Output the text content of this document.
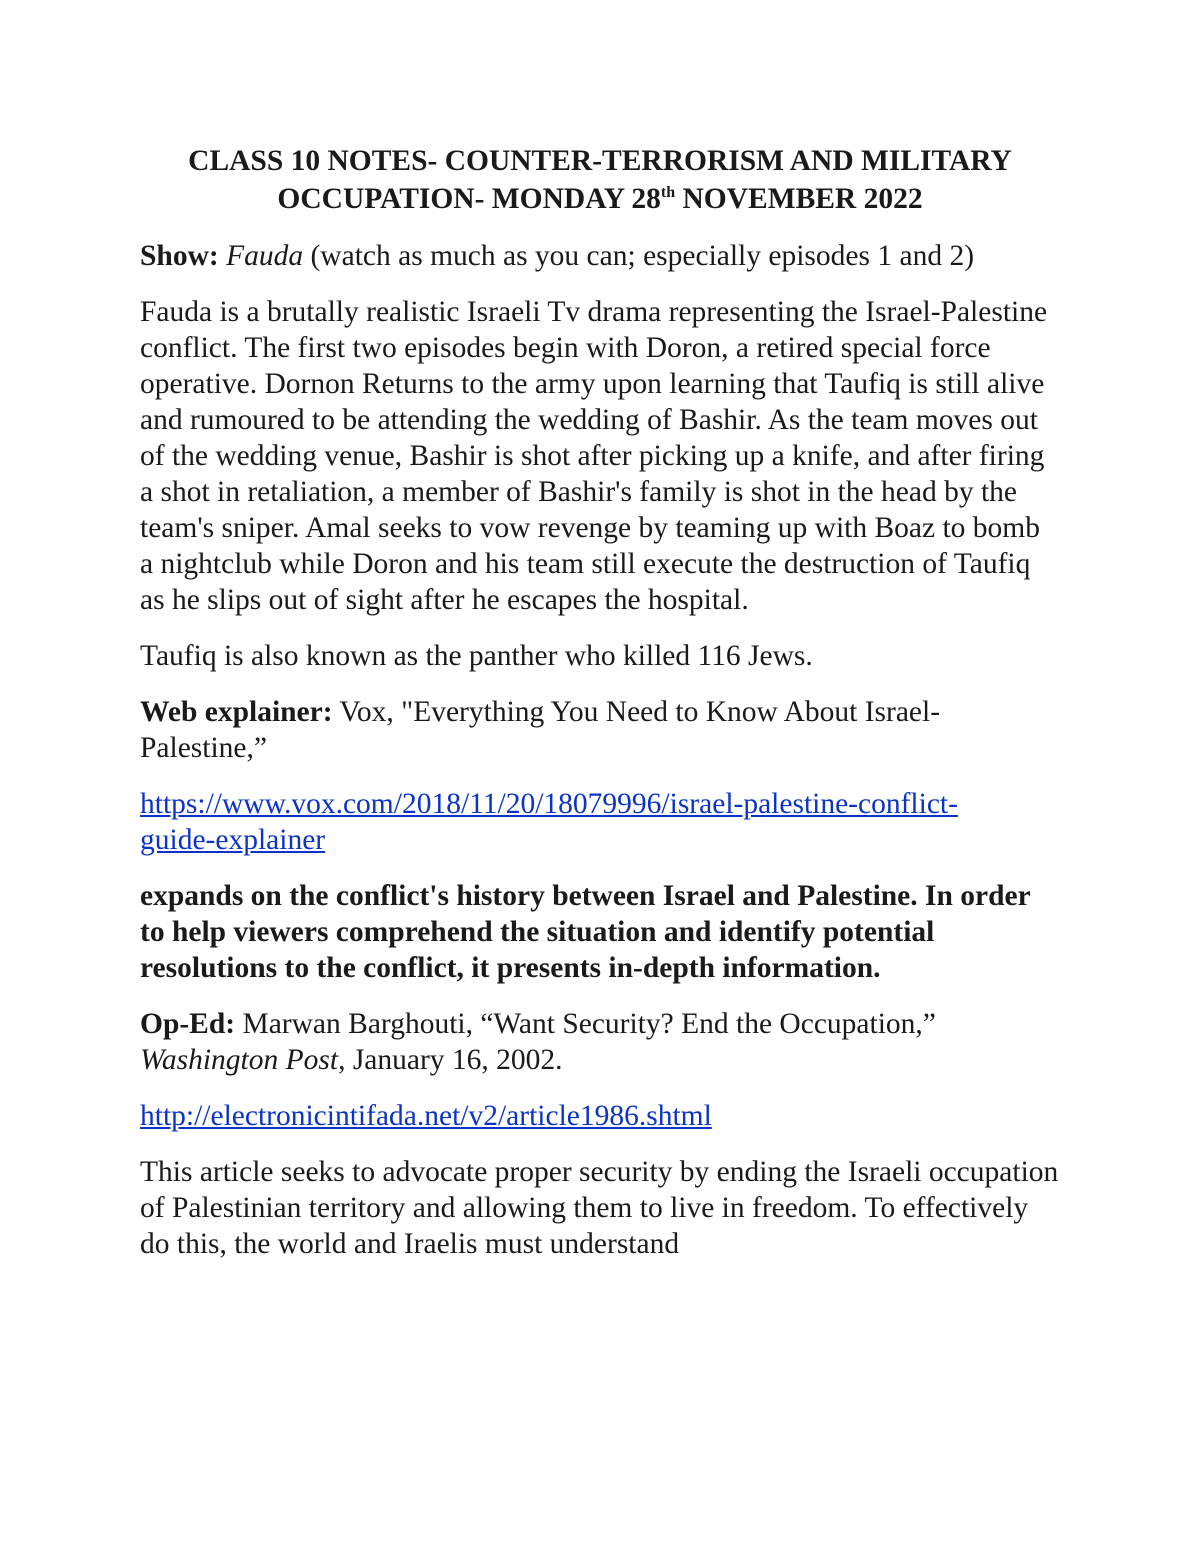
CLASS 10 NOTES- COUNTER-TERRORISM AND MILITARY
OCCUPATION- MONDAY 28th NOVEMBER 2022

Show: Fauda (watch as much as you can; especially episodes 1 and 2)

Fauda is a brutally realistic Israeli Tv drama representing the Israel-Palestine conflict. The first two episodes begin with Doron, a retired special force operative. Dornon Returns to the army upon learning that Taufiq is still alive and rumoured to be attending the wedding of Bashir. As the team moves out of the wedding venue, Bashir is shot after picking up a knife, and after firing a shot in retaliation, a member of Bashir's family is shot in the head by the team's sniper. Amal seeks to vow revenge by teaming up with Boaz to bomb a nightclub while Doron and his team still execute the destruction of Taufiq as he slips out of sight after he escapes the hospital.

Taufiq is also known as the panther who killed 116 Jews.

Web explainer: Vox, "Everything You Need to Know About Israel-Palestine,”

https://www.vox.com/2018/11/20/18079996/israel-palestine-conflict-
guide-explainer

expands on the conflict's history between Israel and Palestine. In order to help viewers comprehend the situation and identify potential resolutions to the conflict, it presents in-depth information.

Op-Ed: Marwan Barghouti, “Want Security? End the Occupation,” Washington Post, January 16, 2002.

http://electronicintifada.net/v2/article1986.shtml

This article seeks to advocate proper security by ending the Israeli occupation of Palestinian territory and allowing them to live in freedom. To effectively do this, the world and Iraelis must understand
